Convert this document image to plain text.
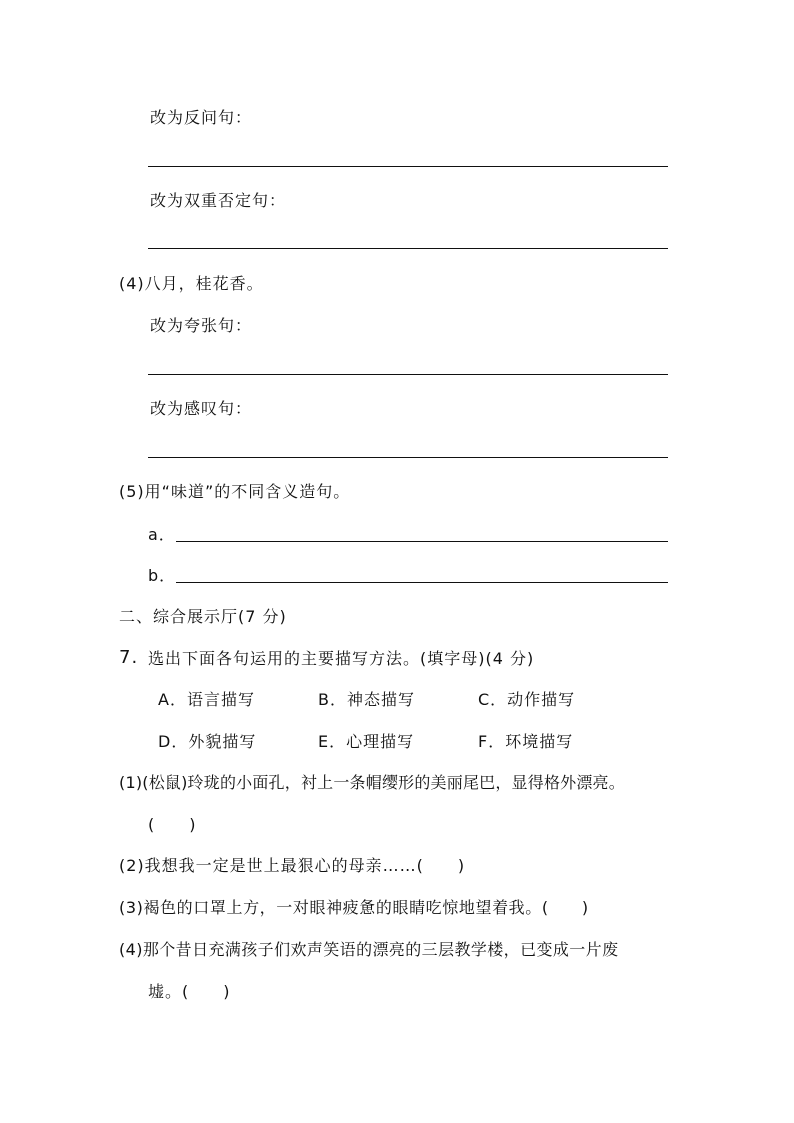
改为反问句：
改为双重否定句：
(4)八月，桂花香。
改为夸张句：
改为感叹句：
(5)用“味道”的不同含义造句。
a．
b．
二、综合展示厅(7 分)
7. 选出下面各句运用的主要描写方法。(填字母)(4 分)
A．语言描写	B．神态描写	C．动作描写
D．外貌描写	E．心理描写	F．环境描写
(1)(松鼠)玲珑的小面孔，衬上一条帽缨形的美丽尾巴，显得格外漂亮。
(　　)
(2)我想我一定是世上最狠心的母亲……(　　)
(3)褐色的口罩上方，一对眼神疲惫的眼睛吃惊地望着我。(　　)
(4)那个昔日充满孩子们欢声笑语的漂亮的三层教学楼，已变成一片废
墟。(　　)
